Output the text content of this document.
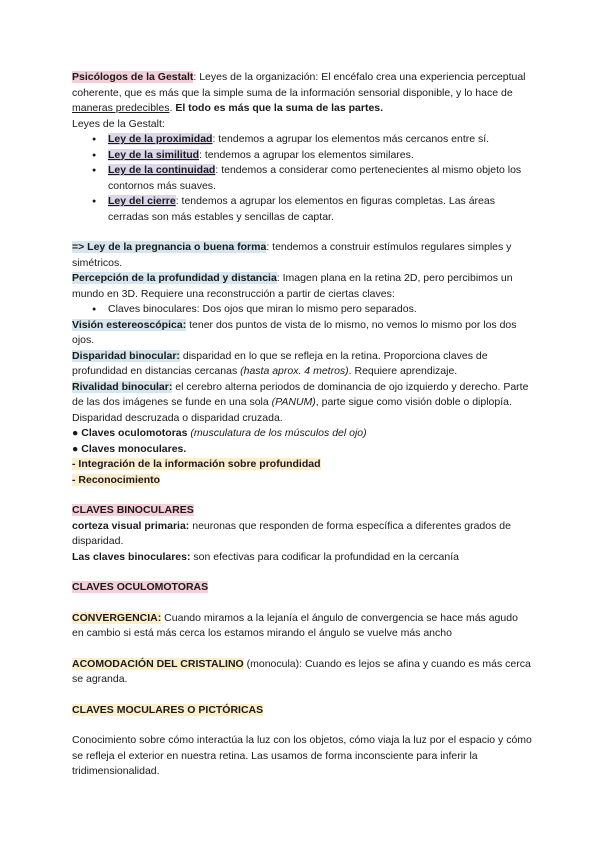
Psicólogos de la Gestalt: Leyes de la organización: El encéfalo crea una experiencia perceptual coherente, que es más que la simple suma de la información sensorial disponible, y lo hace de maneras predecibles. El todo es más que la suma de las partes.

Leyes de la Gestalt:

● Ley de la proximidad: tendemos a agrupar los elementos más cercanos entre sí.
● Ley de la similitud: tendemos a agrupar los elementos similares.
● Ley de la continuidad: tendemos a considerar como pertenecientes al mismo objeto los contornos más suaves.
● Ley del cierre: tendemos a agrupar los elementos en figuras completas. Las áreas cerradas son más estables y sencillas de captar.

=> Ley de la pregnancia o buena forma: tendemos a construir estímulos regulares simples y simétricos.

Percepción de la profundidad y distancia: Imagen plana en la retina 2D, pero percibimos un mundo en 3D. Requiere una reconstrucción a partir de ciertas claves:

● Claves binoculares: Dos ojos que miran lo mismo pero separados.

Visión estereoscópica: tener dos puntos de vista de lo mismo, no vemos lo mismo por los dos ojos.

Disparidad binocular: disparidad en lo que se refleja en la retina. Proporciona claves de profundidad en distancias cercanas (hasta aprox. 4 metros). Requiere aprendizaje.

Rivalidad binocular: el cerebro alterna periodos de dominancia de ojo izquierdo y derecho. Parte de las dos imágenes se funde en una sola (PANUM), parte sigue como visión doble o diplopía. Disparidad descruzada o disparidad cruzada.

● Claves oculomotoras (musculatura de los músculos del ojo)

● Claves monoculares.

- Integración de la información sobre profundidad

- Reconocimiento

CLAVES BINOCULARES

corteza visual primaria: neuronas que responden de forma específica a diferentes grados de disparidad.

Las claves binoculares: son efectivas para codificar la profundidad en la cercanía

CLAVES OCULOMOTORAS

CONVERGENCIA: Cuando miramos a la lejanía el ángulo de convergencia se hace más agudo en cambio si está más cerca los estamos mirando el ángulo se vuelve más ancho

ACOMODACIÓN DEL CRISTALINO (monocula): Cuando es lejos se afina y cuando es más cerca se agranda.

CLAVES MOCULARES O PICTÓRICAS

Conocimiento sobre cómo interactúa la luz con los objetos, cómo viaja la luz por el espacio y cómo se refleja el exterior en nuestra retina. Las usamos de forma inconsciente para inferir la tridimensionalidad.
